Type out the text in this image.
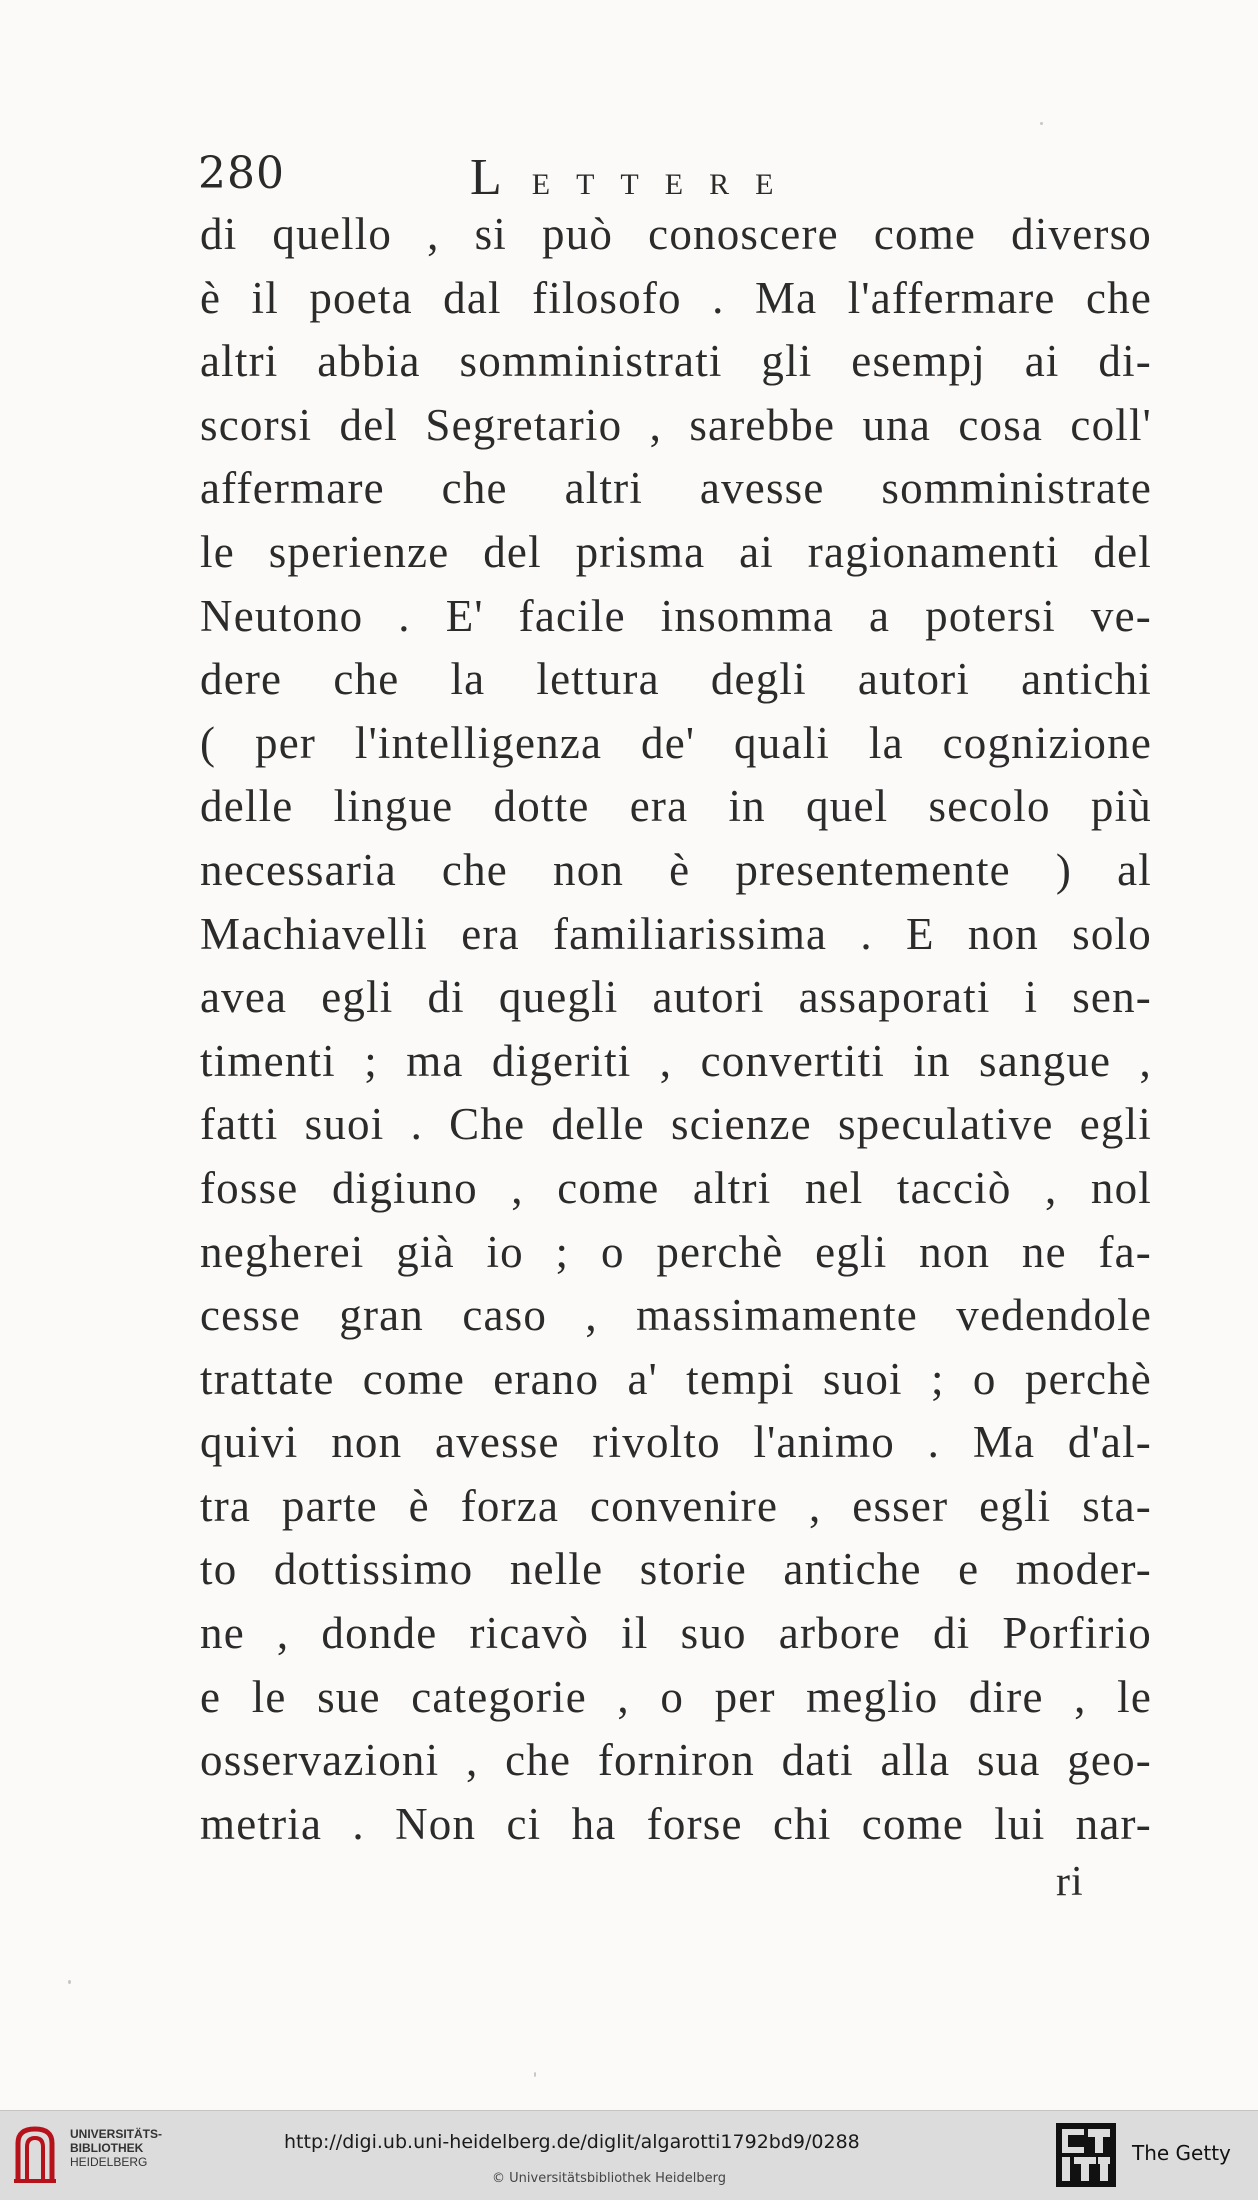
280	L E T T E R E
di quello , si può conoscere come diverso
è il poeta dal filosofo . Ma l'affermare che
altri abbia somministrati gli esempj ai di-
scorsi del Segretario , sarebbe una cosa coll'
affermare che altri avesse somministrate
le sperienze del prisma ai ragionamenti del
Neutono . E' facile insomma a potersi ve-
dere che la lettura degli autori antichi
( per l'intelligenza de' quali la cognizione
delle lingue dotte era in quel secolo più
necessaria che non è presentemente ) al
Machiavelli era familiarissima . E non solo
avea egli di quegli autori assaporati i sen-
timenti ; ma digeriti , convertiti in sangue ,
fatti suoi . Che delle scienze speculative egli
fosse digiuno , come altri nel tacciò , nol
negherei già io ; o perchè egli non ne fa-
cesse gran caso , massimamente vedendole
trattate come erano a' tempi suoi ; o perchè
quivi non avesse rivolto l'animo . Ma d'al-
tra parte è forza convenire , esser egli sta-
to dottissimo nelle storie antiche e moder-
ne , donde ricavò il suo arbore di Porfirio
e le sue categorie , o per meglio dire , le
osservazioni , che forniron dati alla sua geo-
metria . Non ci ha forse chi come lui nar-
ri
UNIVERSITÄTS-
BIBLIOTHEK
HEIDELBERG
http://digi.ub.uni-heidelberg.de/diglit/algarotti1792bd9/0288
© Universitätsbibliothek Heidelberg
The Getty
